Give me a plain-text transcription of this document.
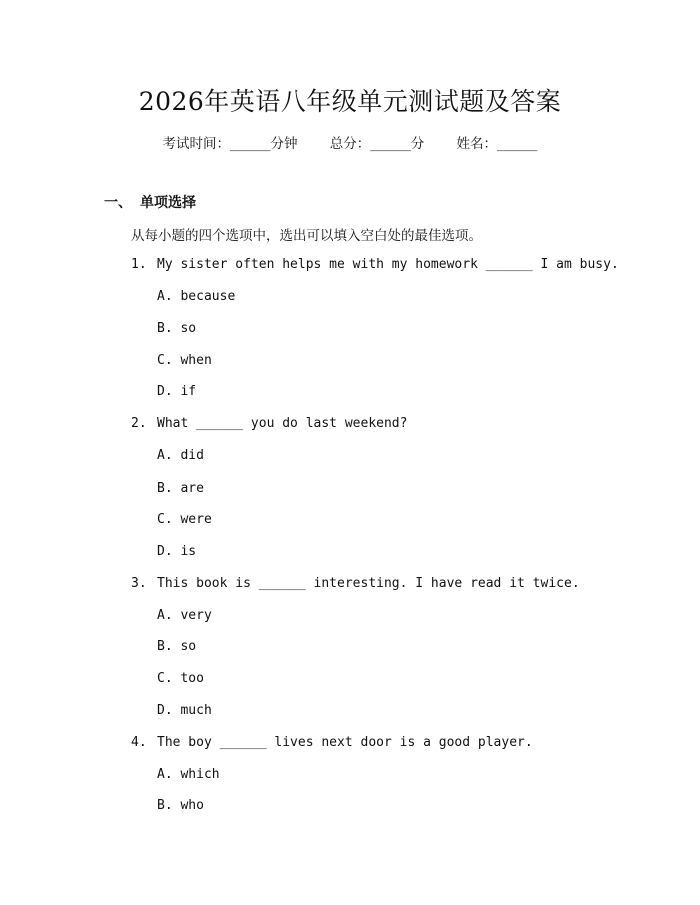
2026年英语八年级单元测试题及答案
考试时间：______分钟 总分：______分 姓名：______
一、 单项选择
从每小题的四个选项中，选出可以填入空白处的最佳选项。
1. My sister often helps me with my homework ______ I am busy.
A. because
B. so
C. when
D. if
2. What ______ you do last weekend?
A. did
B. are
C. were
D. is
3. This book is ______ interesting. I have read it twice.
A. very
B. so
C. too
D. much
4. The boy ______ lives next door is a good player.
A. which
B. who
